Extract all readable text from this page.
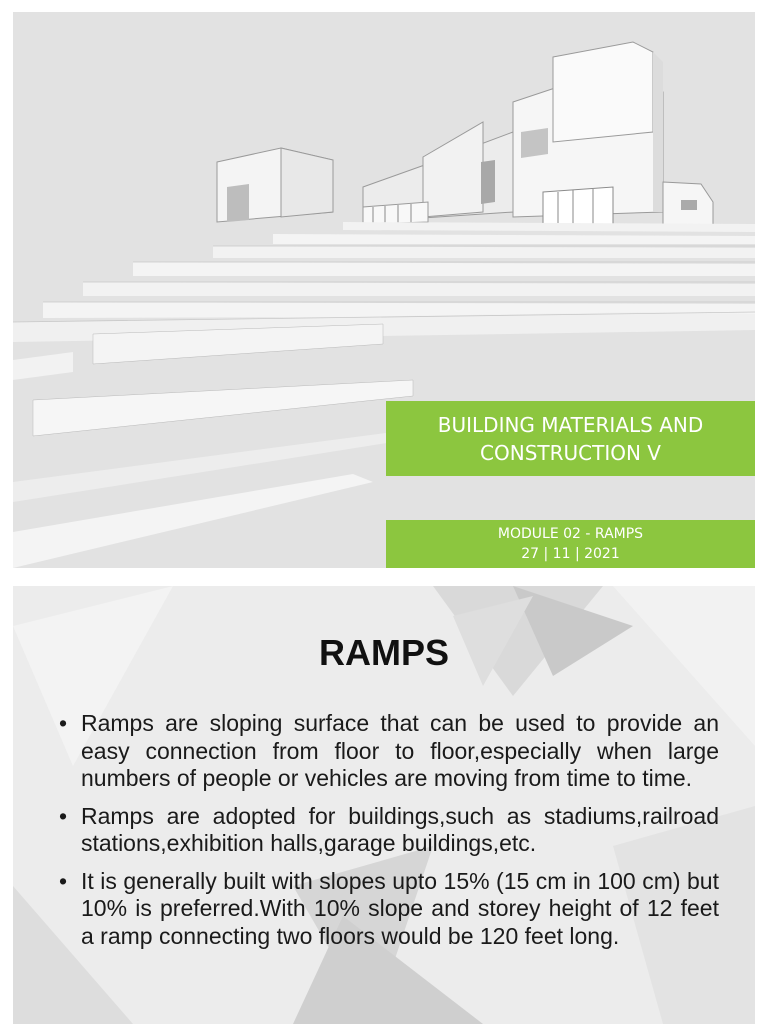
BUILDING MATERIALS AND CONSTRUCTION V
MODULE 02 - RAMPS
27 | 11 | 2021
RAMPS
• Ramps are sloping surface that can be used to provide an easy connection from floor to floor,especially when large numbers of people or vehicles are moving from time to time.
• Ramps are adopted for buildings,such as stadiums,railroad stations,exhibition halls,garage buildings,etc.
• It is generally built with slopes upto 15% (15 cm in 100 cm) but 10% is preferred.With 10% slope and storey height of 12 feet a ramp connecting two floors would be 120 feet long.
